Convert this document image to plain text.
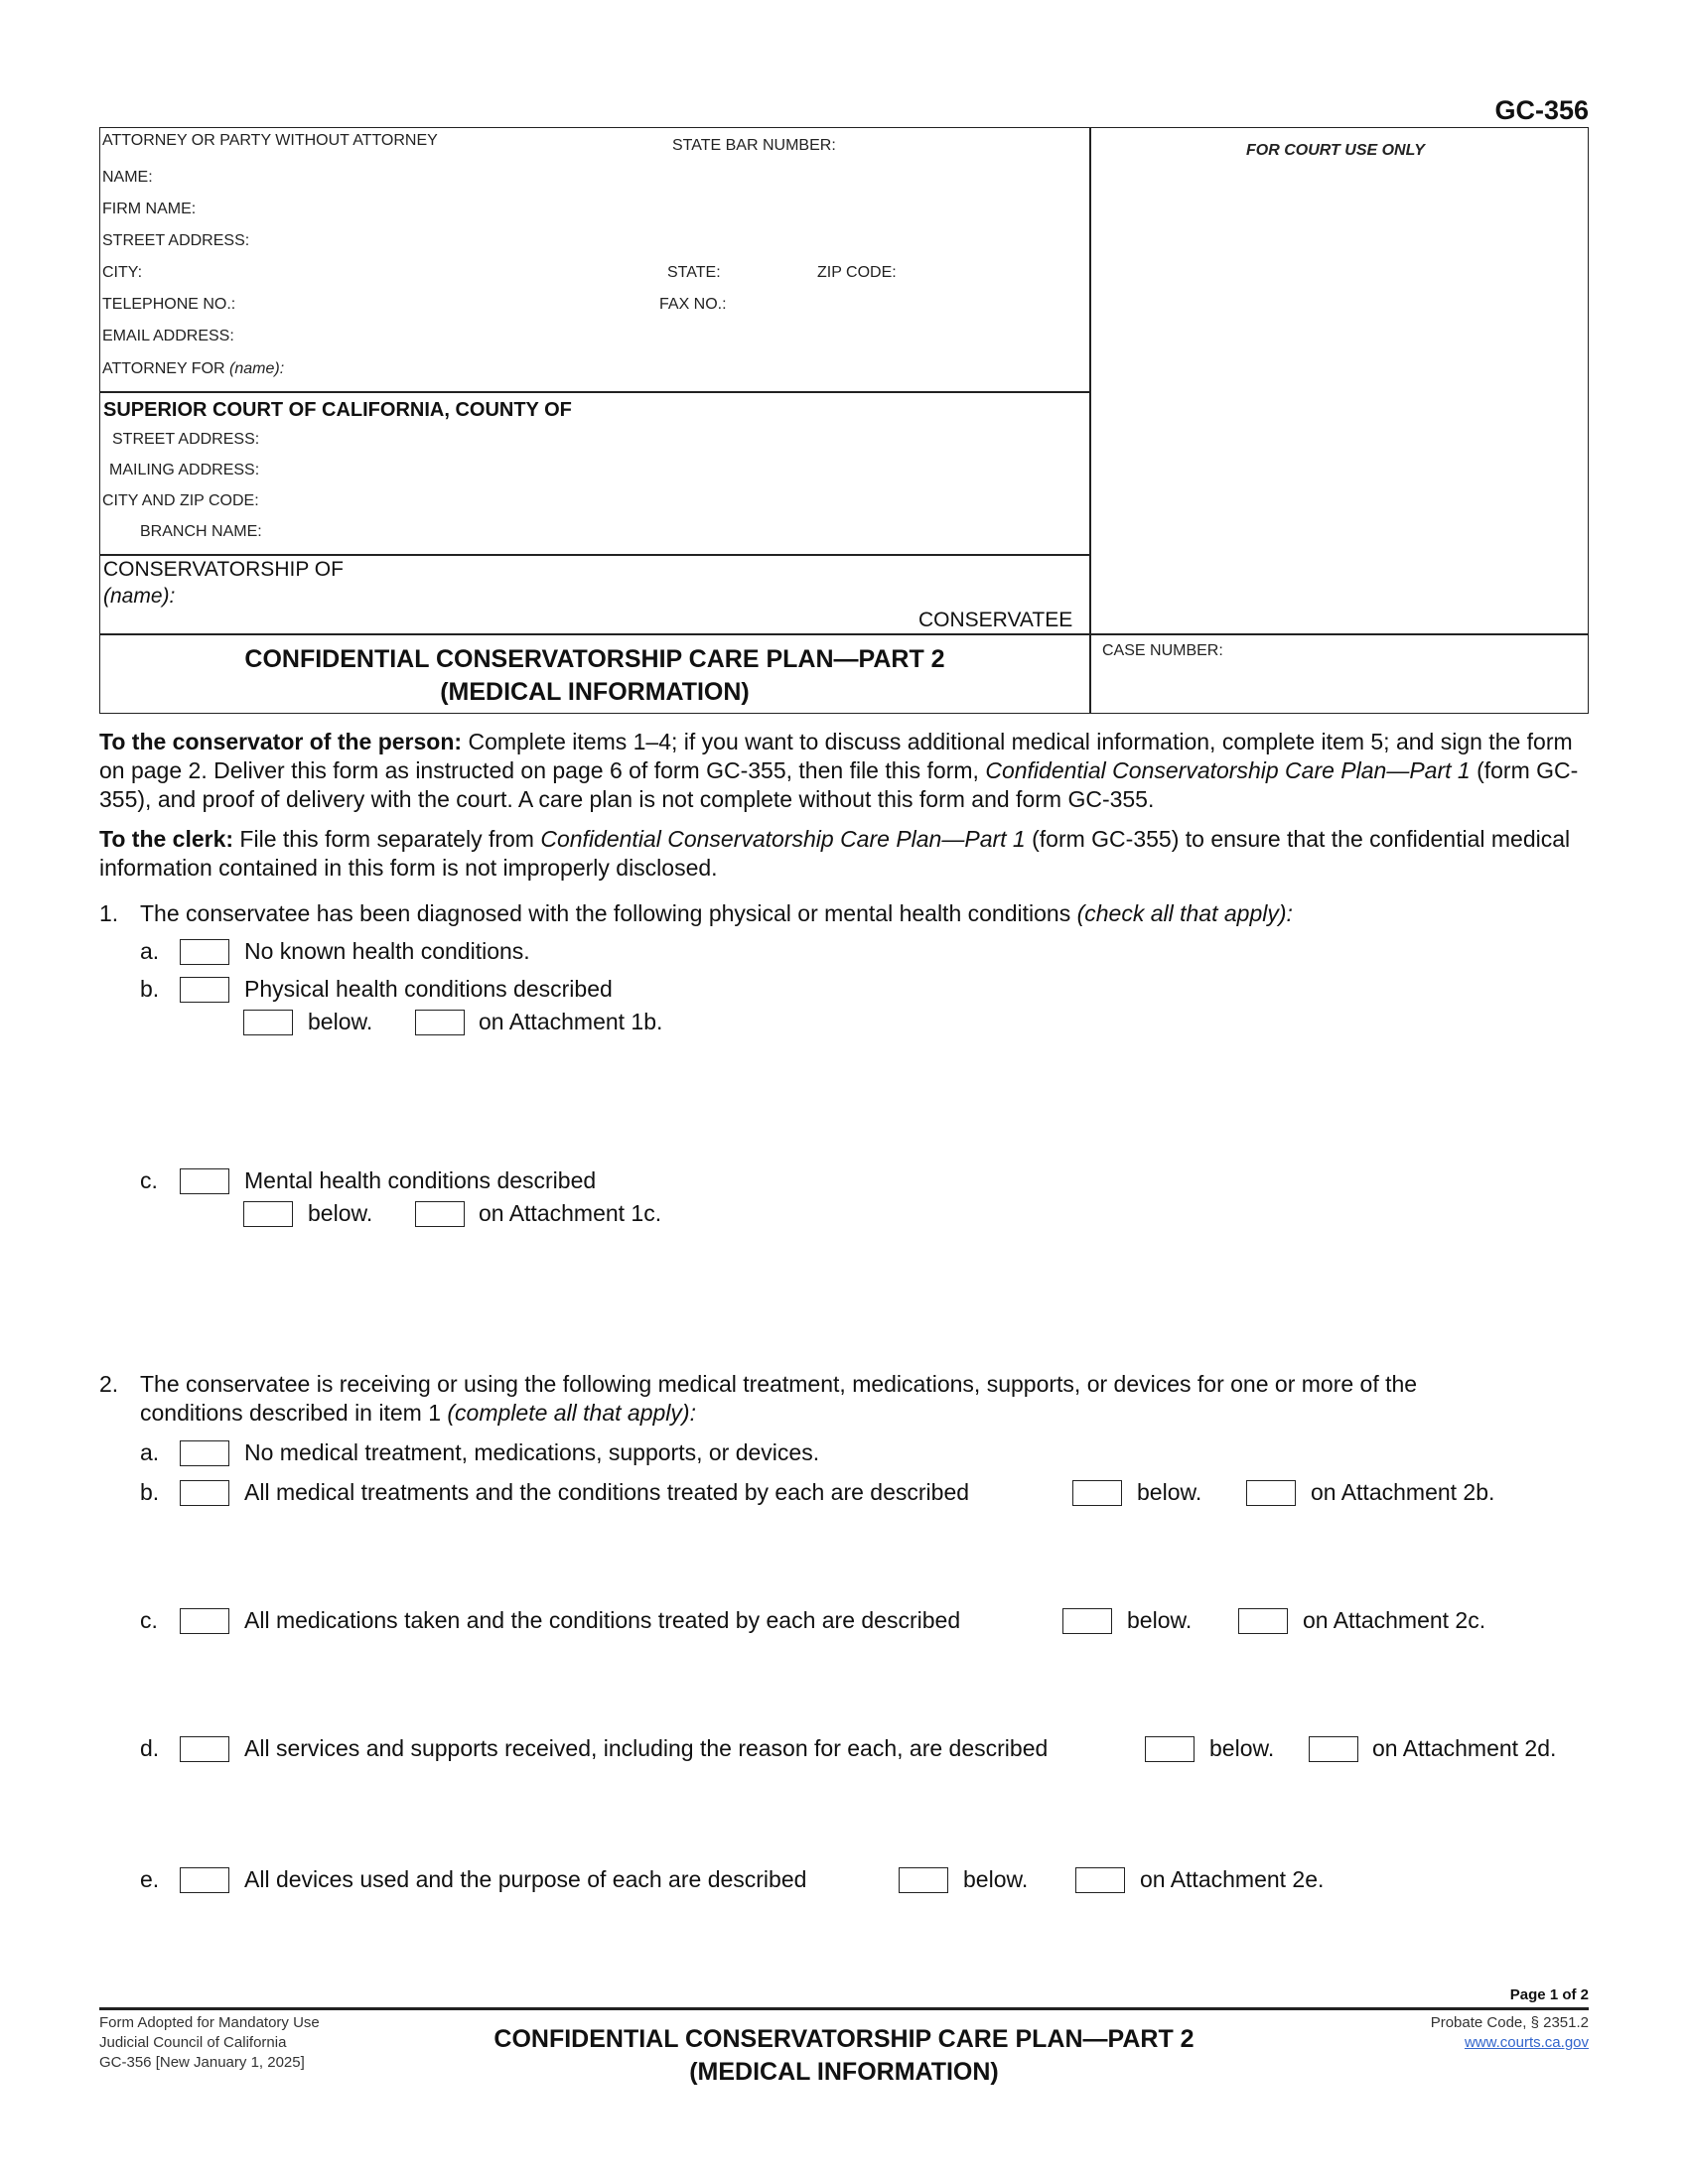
GC-356
ATTORNEY OR PARTY WITHOUT ATTORNEY	STATE BAR NUMBER:	FOR COURT USE ONLY
NAME:
FIRM NAME:
STREET ADDRESS:
CITY:	STATE:	ZIP CODE:
TELEPHONE NO.:	FAX NO.:
EMAIL ADDRESS:
ATTORNEY FOR (name):
SUPERIOR COURT OF CALIFORNIA, COUNTY OF
STREET ADDRESS:
MAILING ADDRESS:
CITY AND ZIP CODE:
BRANCH NAME:
CONSERVATORSHIP OF
(name):
CONSERVATEE
CONFIDENTIAL CONSERVATORSHIP CARE PLAN—PART 2
(MEDICAL INFORMATION)
CASE NUMBER:
To the conservator of the person: Complete items 1–4; if you want to discuss additional medical information, complete item 5; and sign the form on page 2. Deliver this form as instructed on page 6 of form GC-355, then file this form, Confidential Conservatorship Care Plan—Part 1 (form GC-355), and proof of delivery with the court. A care plan is not complete without this form and form GC-355.
To the clerk: File this form separately from Confidential Conservatorship Care Plan—Part 1 (form GC-355) to ensure that the confidential medical information contained in this form is not improperly disclosed.
1. The conservatee has been diagnosed with the following physical or mental health conditions (check all that apply):
a.	No known health conditions.
b.	Physical health conditions described
below.	on Attachment 1b.
c.	Mental health conditions described
below.	on Attachment 1c.
2. The conservatee is receiving or using the following medical treatment, medications, supports, or devices for one or more of the
conditions described in item 1 (complete all that apply):
a.	No medical treatment, medications, supports, or devices.
b.	All medical treatments and the conditions treated by each are described	below.	on Attachment 2b.
c.	All medications taken and the conditions treated by each are described	below.	on Attachment 2c.
d.	All services and supports received, including the reason for each, are described	below.	on Attachment 2d.
e.	All devices used and the purpose of each are described	below.	on Attachment 2e.
Page 1 of 2
Form Adopted for Mandatory Use
Judicial Council of California
GC-356 [New January 1, 2025]
CONFIDENTIAL CONSERVATORSHIP CARE PLAN—PART 2
(MEDICAL INFORMATION)
Probate Code, § 2351.2
www.courts.ca.gov
